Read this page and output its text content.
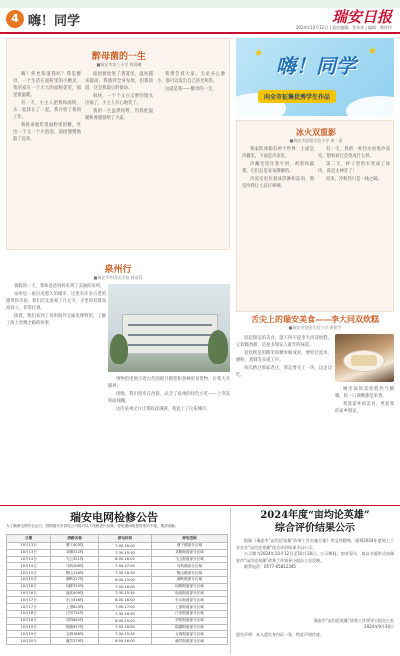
4 嗨！同学	瑞安日报
2024年10月12日 | 责任编辑：蔡亲亲 | 编辑：黄玲玲
醉母菌的一生
■瑞安市第三小学 黄晨曦

嗨！你也知道我吗？我是酵母，一个生活在面粉里的小精灵。我的家在一个大大的面粉袋里，那里很温暖。

有一天，小主人把我和面粉、水一起揉在了一起，我开始了我的工作。

我拼命地吃着面粉里的糖，吐出一个又一个小泡泡，面团慢慢地鼓了起来。

面团被放进了蒸笼里，温度越来越高，我感到全身发烫，但我知道，这是我最后的使命。

很快，一个个又白又胖的馒头出锅了，小主人开心地笑了。

我的一生虽然短暂，但我把温暖和香甜留给了大家。

我想告诉大家，无论多么渺小，都可以发出自己的光和热。

这就是我——酵母的一生。

★	★
嗨！同学
向全市征集优秀学生作品
冰火双重影
■瑞安市安阳实验小学 黄一诺

我家的冰箱有两个世界：上面是冷藏室，下面是冷冻室。

冷藏室里住着牛奶、鸡蛋和蔬菜，它们总是安安静静的。

冷冻室里住着冰淇淋和冻肉，那里冷得让人直打哆嗦。

有一天，我把一杯热水放进冷冻室，想看看它会变成什么样。

第二天，杯子里的水变成了冰块，真是太神奇了！

原来，冷和热只是一线之隔。

舌尖上的瑞安美食——李大同双炊糕
■瑞安市安阳实验小学 黄铭宇

说起瑞安的美食，就不得不提李大同双炊糕。它软糯香甜，是很多瑞安人童年的味道。

双炊糕是用糯米和粳米做成的，要经过泡米、磨粉、蒸制等多道工序。

每次路过那家老店，我总要买上一块，边走边吃。

刚出锅的双炊糕热气腾腾，咬一口满嘴都是米香。

我爱家乡的美食，更爱我的家乡瑞安。

泉州行
■瑞安市外国语学校 林语蓉

暑假的一天，我和爸爸妈妈来到了美丽的泉州。

泉州是一座历史悠久的城市，这里有许多古老的建筑和寺庙。我们首先参观了开元寺，寺里的双塔高高耸立，非常壮观。

接着，我们来到了泉州海外交通史博物馆，了解了海上丝绸之路的故事。

博物馆里展示着古代的船只模型和各种贸易货物，让我大开眼界。

傍晚，我们漫步在西街，品尝了泉州的特色小吃——土笋冻和面线糊。

这次泉州之行让我收获满满，我爱上了这座城市。

瑞安电网检修公告
为了确保电网安全运行，国网瑞安市供电公司将对以下线路进行检修，停电期间给您带来的不便，敬请谅解。
日期	线路名称	停电时间	停电范围
10月13日	塘下403线	7:00-16:00	塘下镇部分区域
10月13日	莘塍512线	7:30-15:30	莘塍街道部分区域
10月14日	飞云321线	8:00-16:00	飞云街道部分区域
10月14日	马屿206线	7:00-17:00	马屿镇部分区域
10月15日	陶山118线	7:30-16:30	陶山镇部分区域
10月15日	湖岭227线	8:00-15:00	湖岭镇部分区域
10月16日	仙降335线	7:00-16:00	仙降街道部分区域
10月16日	南滨409线	7:30-15:30	南滨街道部分区域
10月17日	东山516线	8:00-16:00	东山街道部分区域
10月17日	上望623线	7:00-17:00	上望街道部分区域
10月18日	汀田731线	7:30-16:30	汀田街道部分区域
10月18日	安阳842线	8:00-15:00	安阳街道部分区域
10月19日	锦湖957线	7:00-16:00	锦湖街道部分区域
10月19日	玉海168线	7:30-15:30	玉海街道部分区域
10月20日	潘岱279线	8:00-16:00	潘岱街道部分区域
2024年度“亩均论英雄”
综合评价结果公示

根据《瑞安市“亩均论英雄”改革工作实施方案》等文件精神，现将2024年度规上工业企业“亩均论英雄”综合评价结果予以公示。

公示期为2024年10月12日至10月18日。公示期间，如有异议，请以书面形式向瑞安市“亩均论英雄”改革工作领导小组办公室反映。

联系电话：0577-65812345

瑞安市“亩均论英雄”改革工作领导小组办公室
2024年9月30日
遗失声明：本人遗失身份证一张，特此声明作废。
